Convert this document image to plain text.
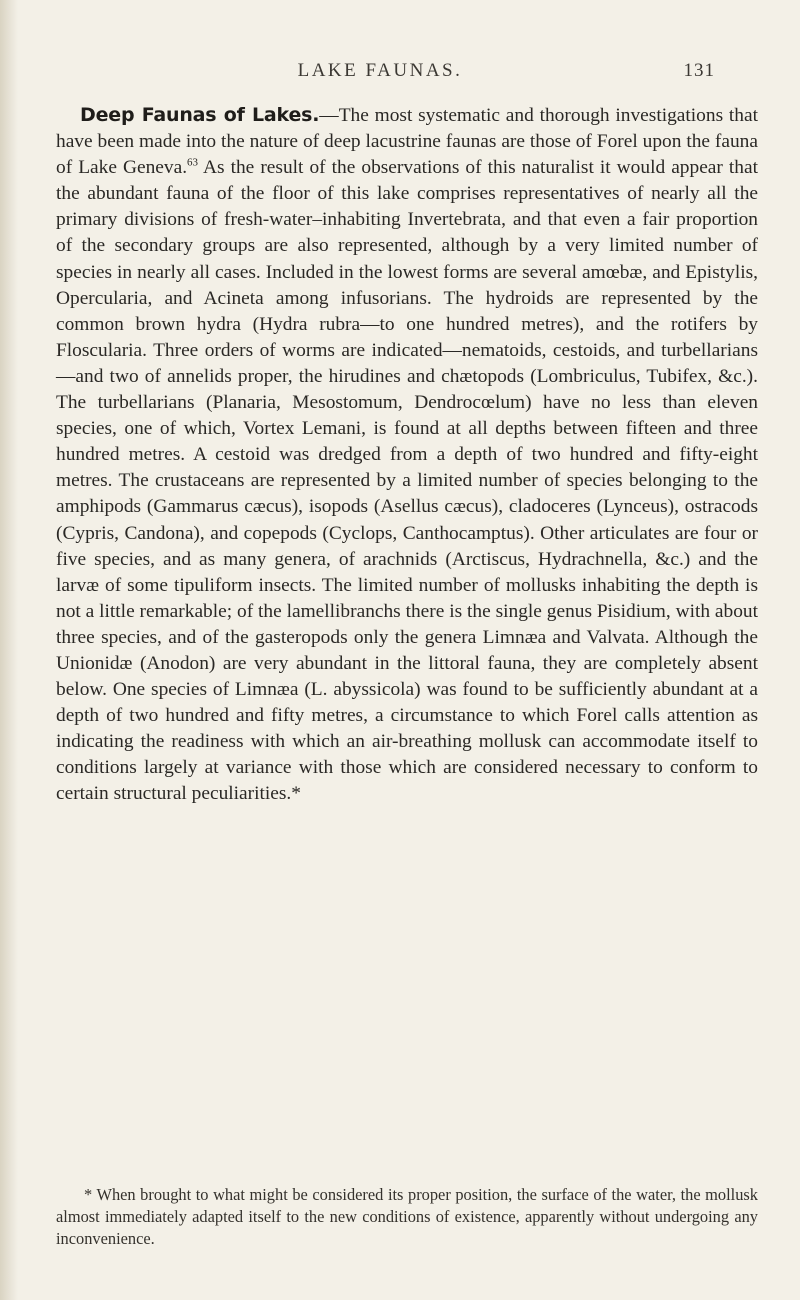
LAKE FAUNAS.	131

Deep Faunas of Lakes.—The most systematic and thorough investigations that have been made into the nature of deep lacustrine faunas are those of Forel upon the fauna of Lake Geneva.$^{63}$ As the result of the observations of this naturalist it would appear that the abundant fauna of the floor of this lake comprises representatives of nearly all the primary divisions of fresh-water–inhabiting Invertebrata, and that even a fair proportion of the secondary groups are also represented, although by a very limited number of species in nearly all cases. Included in the lowest forms are several amœbæ, and Epistylis, Opercularia, and Acineta among infusorians. The hydroids are represented by the common brown hydra (Hydra rubra—to one hundred metres), and the rotifers by Floscularia. Three orders of worms are indicated—nematoids, cestoids, and turbellarians—and two of annelids proper, the hirudines and chætopods (Lombriculus, Tubifex, &c.). The turbellarians (Planaria, Mesostomum, Dendrocœlum) have no less than eleven species, one of which, Vortex Lemani, is found at all depths between fifteen and three hundred metres. A cestoid was dredged from a depth of two hundred and fifty-eight metres. The crustaceans are represented by a limited number of species belonging to the amphipods (Gammarus cæcus), isopods (Asellus cæcus), cladoceres (Lynceus), ostracods (Cypris, Candona), and copepods (Cyclops, Canthocamptus). Other articulates are four or five species, and as many genera, of arachnids (Arctiscus, Hydrachnella, &c.) and the larvæ of some tipuliform insects. The limited number of mollusks inhabiting the depth is not a little remarkable; of the lamellibranchs there is the single genus Pisidium, with about three species, and of the gasteropods only the genera Limnæa and Valvata. Although the Unionidæ (Anodon) are very abundant in the littoral fauna, they are completely absent below. One species of Limnæa (L. abyssicola) was found to be sufficiently abundant at a depth of two hundred and fifty metres, a circumstance to which Forel calls attention as indicating the readiness with which an air-breathing mollusk can accommodate itself to conditions largely at variance with those which are considered necessary to conform to certain structural peculiarities.*

* When brought to what might be considered its proper position, the surface of the water, the mollusk almost immediately adapted itself to the new conditions of existence, apparently without undergoing any inconvenience.
